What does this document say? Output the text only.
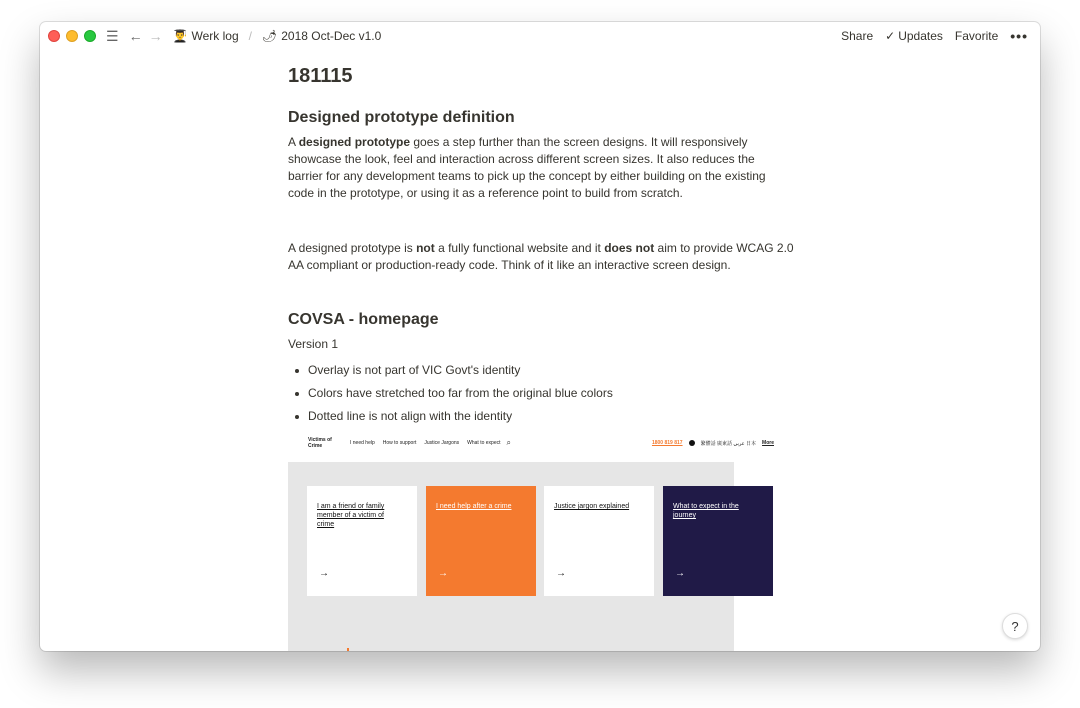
☰ ← → 👨‍🎓 Werk log / 🌶 2018 Oct-Dec v1.0	Share ✓ Updates Favorite •••
181115
Designed prototype definition

A designed prototype goes a step further than the screen designs. It will responsively showcase the look, feel and interaction across different screen sizes. It also reduces the barrier for any development teams to pick up the concept by either building on the existing code in the prototype, or using it as a reference point to build from scratch.

A designed prototype is not a fully functional website and it does not aim to provide WCAG 2.0 AA compliant or production-ready code. Think of it like an interactive screen design.

COVSA - homepage

Version 1

Overlay is not part of VIC Govt's identity
Colors have stretched too far from the original blue colors
Dotted line is not align with the identity
Victims of Crime	I need help How to support Justice Jargons What to expect ⌕	1800 819 817	繁體話 廣東話 عربي 日本 More
I am a friend or family member of a victim of crime
→
I need help after a crime
→
Justice jargon explained
→
What to expect in the journey
→
?
